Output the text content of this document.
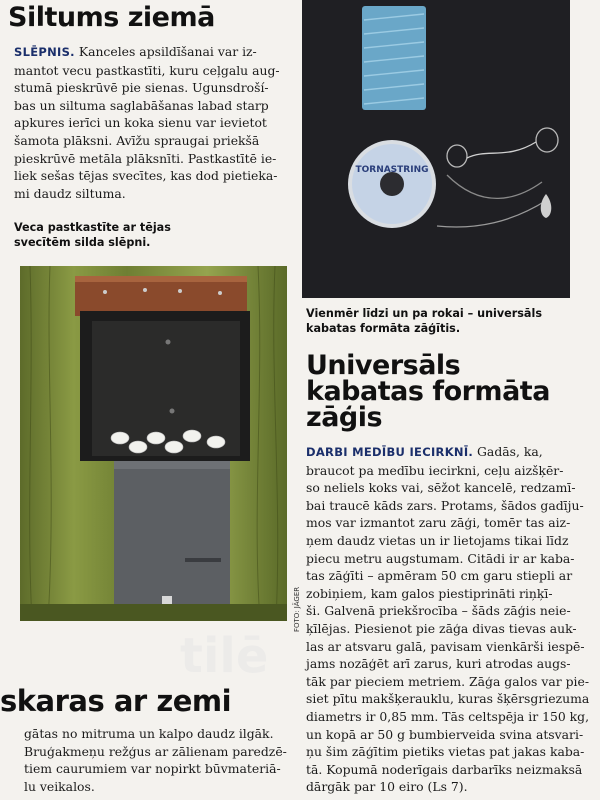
Siltums ziemā
SLĒPNIS. Kanceles apsildīšanai var iz-
mantot vecu pastkastīti, kuru ceļgalu aug-
stumā pieskrūvē pie sienas. Ugunsdroší-
bas un siltuma saglabāšanas labad starp
apkures ierīci un koka sienu var ievietot
šamota plāksni. Avīžu spraugai priekšā
pieskrūvē metāla plāksnīti. Pastkastītē ie-
liek sešas tējas svecītes, kas dod pietieka-
mi daudz siltuma.
Veca pastkastīte ar tējas
svecītēm silda slēpni.
FOTO: JÄGER
TORNASTRING
Vienmēr līdzi un pa rokai – universāls
kabatas formāta zāģītis.
Universāls
kabatas formāta
zāģis
DARBI MEDĪBU IECIRKNĪ. Gadās, ka,
braucot pa medību iecirkni, ceļu aizšķēr-
so neliels koks vai, sēžot kancelē, redzamī-
bai traucē kāds zars. Protams, šādos gadīju-
mos var izmantot zaru zāģi, tomēr tas aiz-
ņem daudz vietas un ir lietojams tikai līdz
piecu metru augstumam. Citādi ir ar kaba-
tas zāģīti – apmēram 50 cm garu stiepli ar
zobiņiem, kam galos piestiprināti riņķī-
ši. Galvenā priekšrocība – šāds zāģis neie-
ķīlējas. Piesienot pie zāģa divas tievas auk-
las ar atsvaru galā, pavisam vienkārši iespē-
jams nozāģēt arī zarus, kuri atrodas augs-
tāk par pieciem metriem. Zāģa galos var pie-
siet pītu makšķerauklu, kuras šķērsgriezuma
diametrs ir 0,85 mm. Tās celtspēja ir 150 kg,
un kopā ar 50 g bumbierveida svina atsvari-
ņu šim zāģītim pietiks vietas pat jakas kaba-
tā. Kopumā noderīgais darbarīks neizmaksā
dārgāk par 10 eiro (Ls 7).
tilē
skaras ar zemi
gātas no mitruma un kalpo daudz ilgāk.
Bruģakmeņu režģus ar zālienam paredzē-
tiem caurumiem var nopirkt būvmateriā-
lu veikalos.
